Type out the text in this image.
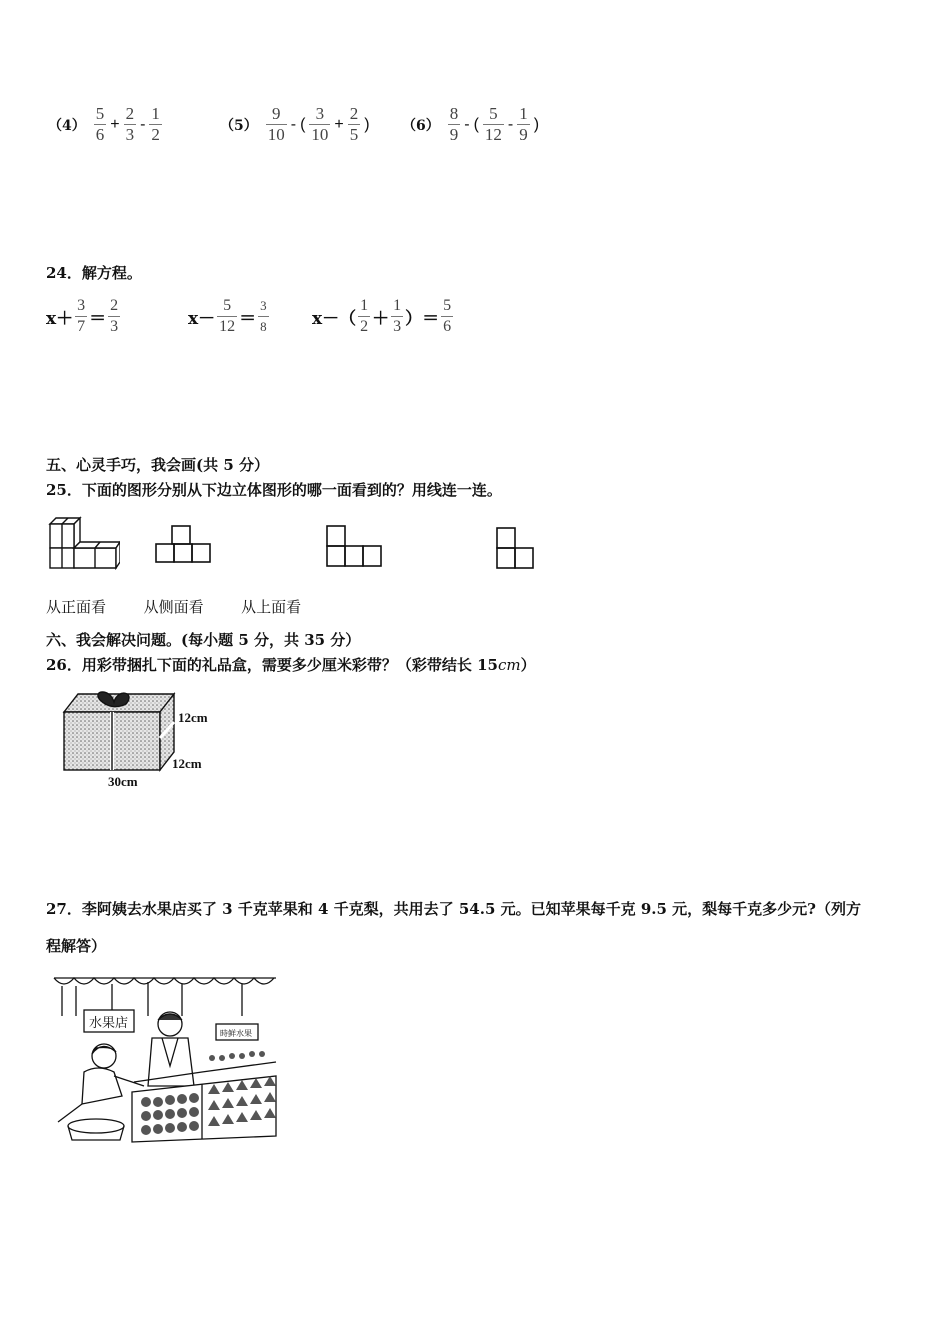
$(4) \frac{5}{6} + \frac{2}{3} - \frac{1}{2}$	$(5) \frac{9}{10}$ - ( $\frac{3}{10} + \frac{2}{5}$ ) $(6) \frac{8}{9}$ - ( $\frac{5}{12} - \frac{1}{9}$ )
24．解方程。
$x+ \frac{3}{7} = \frac{2}{3}$	$x- \frac{5}{12} = \frac{3}{8}$	$x-( \frac{1}{2} + \frac{1}{3}$ ）＝ $\frac{5}{6}$
五、心灵手巧，我会画(共 5 分）
25．下面的图形分别从下边立体图形的哪一面看到的？用线连一连。
从正面看	从侧面看	从上面看
六、我会解决问题。(每小题 5 分，共 35 分）
26．用彩带捆扎下面的礼品盒，需要多少厘米彩带？（彩带结长 15cm）
12cm
12cm
30cm
27．李阿姨去水果店买了 3 千克苹果和 4 千克梨，共用去了 54.5 元。已知苹果每千克 9.5 元，梨每千克多少元?（列方
程解答）
水果店
時鲜水果
